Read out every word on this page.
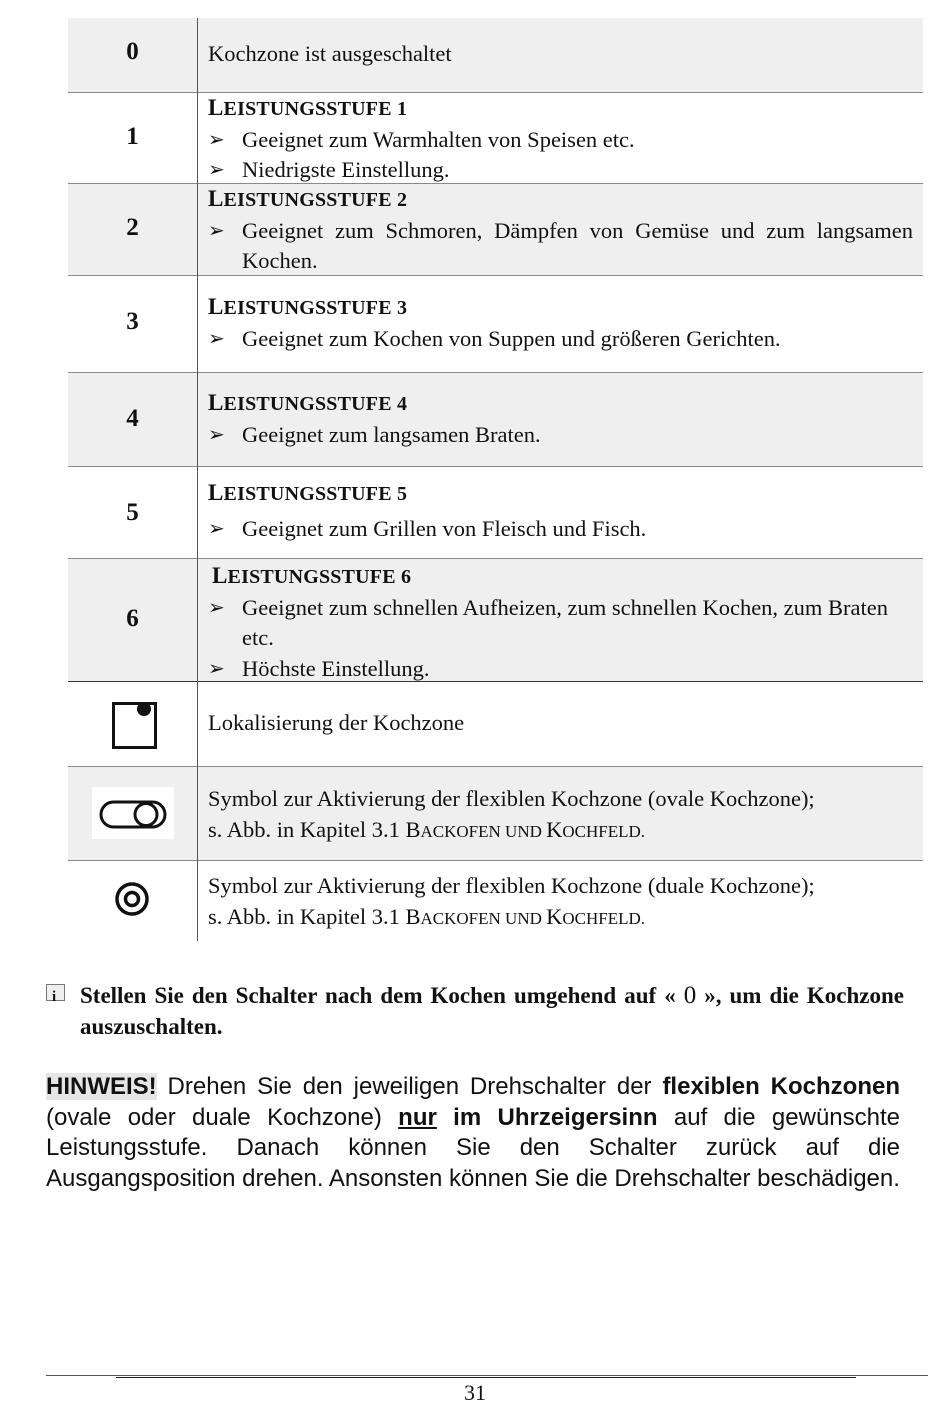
0	Kochzone ist ausgeschaltet
1
LEISTUNGSSTUFE 1
➢ Geeignet zum Warmhalten von Speisen etc.
➢ Niedrigste Einstellung.
2
LEISTUNGSSTUFE 2
➢ Geeignet zum Schmoren, Dämpfen von Gemüse und zum langsamen Kochen.
3
LEISTUNGSSTUFE 3
➢ Geeignet zum Kochen von Suppen und größeren Gerichten.
4
LEISTUNGSSTUFE 4
➢ Geeignet zum langsamen Braten.
5
LEISTUNGSSTUFE 5
➢ Geeignet zum Grillen von Fleisch und Fisch.
6
LEISTUNGSSTUFE 6
➢ Geeignet zum schnellen Aufheizen, zum schnellen Kochen, zum Braten etc.
➢ Höchste Einstellung.
Lokalisierung der Kochzone
Symbol zur Aktivierung der flexiblen Kochzone (ovale Kochzone);
s. Abb. in Kapitel 3.1 BACKOFEN UND KOCHFELD.
Symbol zur Aktivierung der flexiblen Kochzone (duale Kochzone);
s. Abb. in Kapitel 3.1 BACKOFEN UND KOCHFELD.
i
Stellen Sie den Schalter nach dem Kochen umgehend auf « 0 », um die Kochzone auszuschalten.
HINWEIS! Drehen Sie den jeweiligen Drehschalter der flexiblen Kochzonen (ovale oder duale Kochzone) nur im Uhrzeigersinn auf die gewünschte Leistungsstufe. Danach können Sie den Schalter zurück auf die Ausgangsposition drehen. Ansonsten können Sie die Drehschalter beschädigen.
31
